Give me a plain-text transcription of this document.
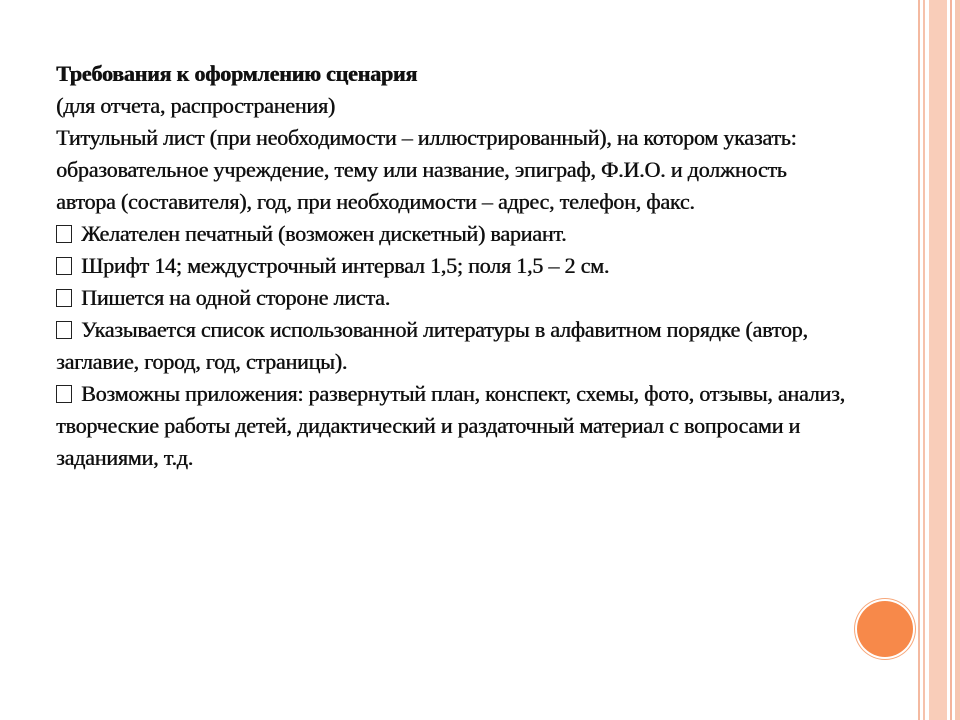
Требования к оформлению сценария

(для отчета, распространения)

Титульный лист (при необходимости – иллюстрированный), на котором указать: образовательное учреждение, тему или название, эпиграф, Ф.И.О. и должность автора (составителя), год, при необходимости – адрес, телефон, факс.

Желателен печатный (возможен дискетный) вариант.

Шрифт 14; междустрочный интервал 1,5; поля 1,5 – 2 см.

Пишется на одной стороне листа.

Указывается список использованной литературы в алфавитном порядке (автор, заглавие, город, год, страницы).

Возможны приложения: развернутый план, конспект, схемы, фото, отзывы, анализ, творческие работы детей, дидактический и раздаточный материал с вопросами и заданиями, т.д.
